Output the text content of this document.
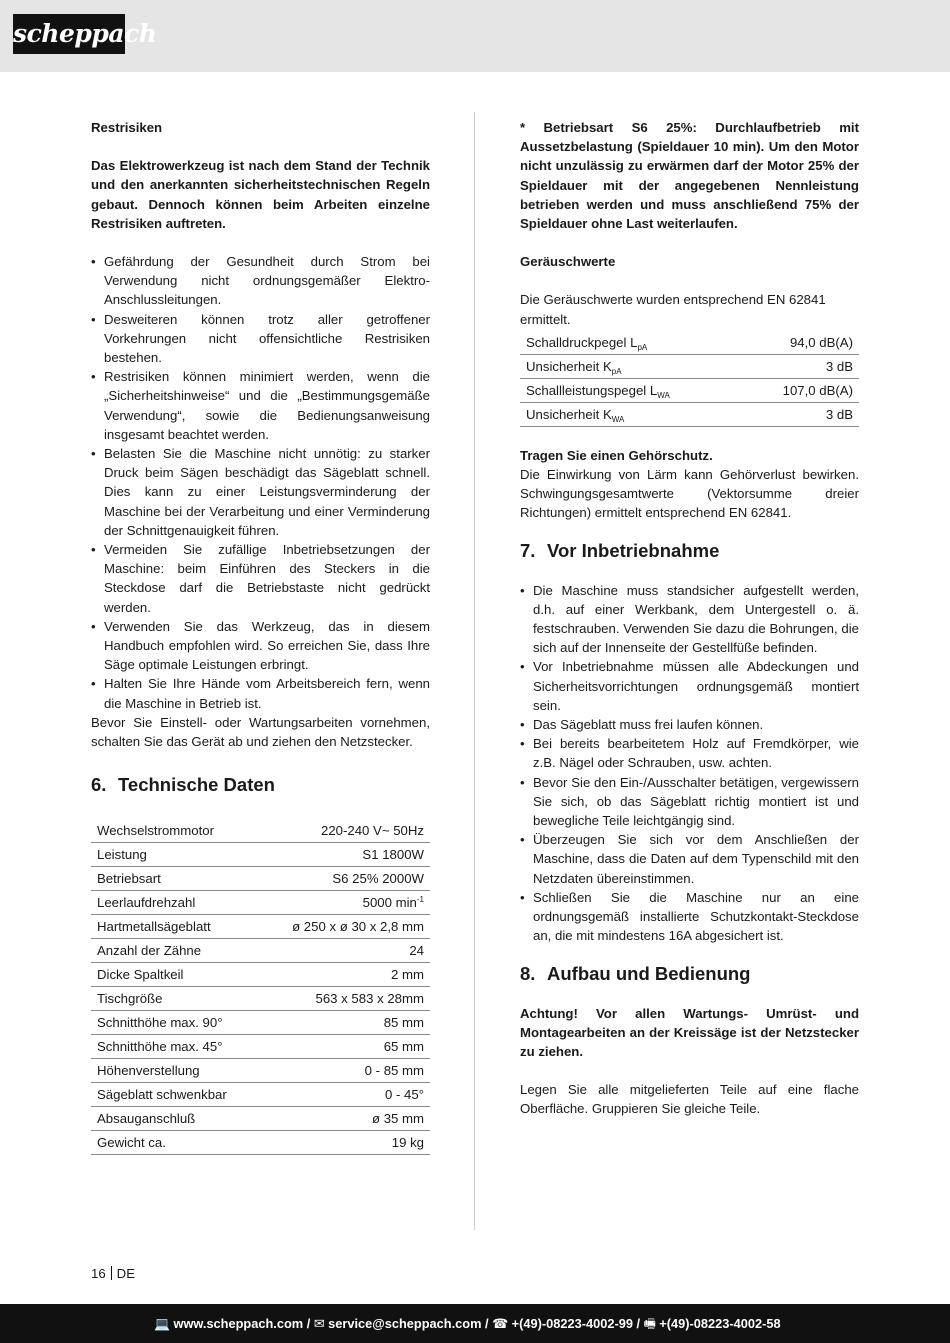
scheppach

Restrisiken

Das Elektrowerkzeug ist nach dem Stand der Technik und den anerkannten sicherheitstechnischen Regeln gebaut. Dennoch können beim Arbeiten einzelne Restrisiken auftreten.

• Gefährdung der Gesundheit durch Strom bei Verwendung nicht ordnungsgemäßer Elektro-Anschlussleitungen.
• Desweiteren können trotz aller getroffener Vorkehrungen nicht offensichtliche Restrisiken bestehen.
• Restrisiken können minimiert werden, wenn die „Sicherheitshinweise“ und die „Bestimmungsgemäße Verwendung“, sowie die Bedienungsanweisung insgesamt beachtet werden.
• Belasten Sie die Maschine nicht unnötig: zu starker Druck beim Sägen beschädigt das Sägeblatt schnell. Dies kann zu einer Leistungsverminderung der Maschine bei der Verarbeitung und einer Verminderung der Schnittgenauigkeit führen.
• Vermeiden Sie zufällige Inbetriebsetzungen der Maschine: beim Einführen des Steckers in die Steckdose darf die Betriebstaste nicht gedrückt werden.
• Verwenden Sie das Werkzeug, das in diesem Handbuch empfohlen wird. So erreichen Sie, dass Ihre Säge optimale Leistungen erbringt.
• Halten Sie Ihre Hände vom Arbeitsbereich fern, wenn die Maschine in Betrieb ist.

Bevor Sie Einstell- oder Wartungsarbeiten vornehmen, schalten Sie das Gerät ab und ziehen den Netzstecker.

6. Technische Daten
Wechselstrommotor	220-240 V~ 50Hz
Leistung	S1 1800W
Betriebsart	S6 25% 2000W
Leerlaufdrehzahl	5000 $\min^{-1}$
Hartmetallsägeblatt	ø 250 x ø 30 x 2,8 mm
Anzahl der Zähne	24
Dicke Spaltkeil	2 mm
Tischgröße	563 x 583 x 28mm
Schnitthöhe max. 90°	85 mm
Schnitthöhe max. 45°	65 mm
Höhenverstellung	0 - 85 mm
Sägeblatt schwenkbar	0 - 45°
Absauganschluß	ø 35 mm
Gewicht ca.	19 kg

* Betriebsart S6 25%: Durchlaufbetrieb mit Aussetzbelastung (Spieldauer 10 min). Um den Motor nicht unzulässig zu erwärmen darf der Motor 25% der Spieldauer mit der angegebenen Nennleistung betrieben werden und muss anschließend 75% der Spieldauer ohne Last weiterlaufen.

Geräuschwerte

Die Geräuschwerte wurden entsprechend EN 62841 ermittelt.

Schalldruckpegel $L_{pA}$	94,0 dB(A)
Unsicherheit $K_{pA}$	3 dB
Schallleistungspegel $L_{WA}$	107,0 dB(A)
Unsicherheit $K_{WA}$	3 dB

Tragen Sie einen Gehörschutz.

Die Einwirkung von Lärm kann Gehörverlust bewirken. Schwingungsgesamtwerte (Vektorsumme dreier Richtungen) ermittelt entsprechend EN 62841.

7. Vor Inbetriebnahme
• Die Maschine muss standsicher aufgestellt werden, d.h. auf einer Werkbank, dem Untergestell o. ä. festschrauben. Verwenden Sie dazu die Bohrungen, die sich auf der Innenseite der Gestellfüße befinden.
• Vor Inbetriebnahme müssen alle Abdeckungen und Sicherheitsvorrichtungen ordnungsgemäß montiert sein.
• Das Sägeblatt muss frei laufen können.
• Bei bereits bearbeitetem Holz auf Fremdkörper, wie z.B. Nägel oder Schrauben, usw. achten.
• Bevor Sie den Ein-/Ausschalter betätigen, vergewissern Sie sich, ob das Sägeblatt richtig montiert ist und bewegliche Teile leichtgängig sind.
• Überzeugen Sie sich vor dem Anschließen der Maschine, dass die Daten auf dem Typenschild mit den Netzdaten übereinstimmen.
• Schließen Sie die Maschine nur an eine ordnungsgemäß installierte Schutzkontakt-Steckdose an, die mit mindestens 16A abgesichert ist.
8. Aufbau und Bedienung

Achtung! Vor allen Wartungs- Umrüst- und Montagearbeiten an der Kreissäge ist der Netzstecker zu ziehen.

Legen Sie alle mitgelieferten Teile auf eine flache Oberfläche. Gruppieren Sie gleiche Teile.

16 DE
💻 www.scheppach.com / ✉ service@scheppach.com / ☎ +(49)-08223-4002-99 / 🖷 +(49)-08223-4002-58
